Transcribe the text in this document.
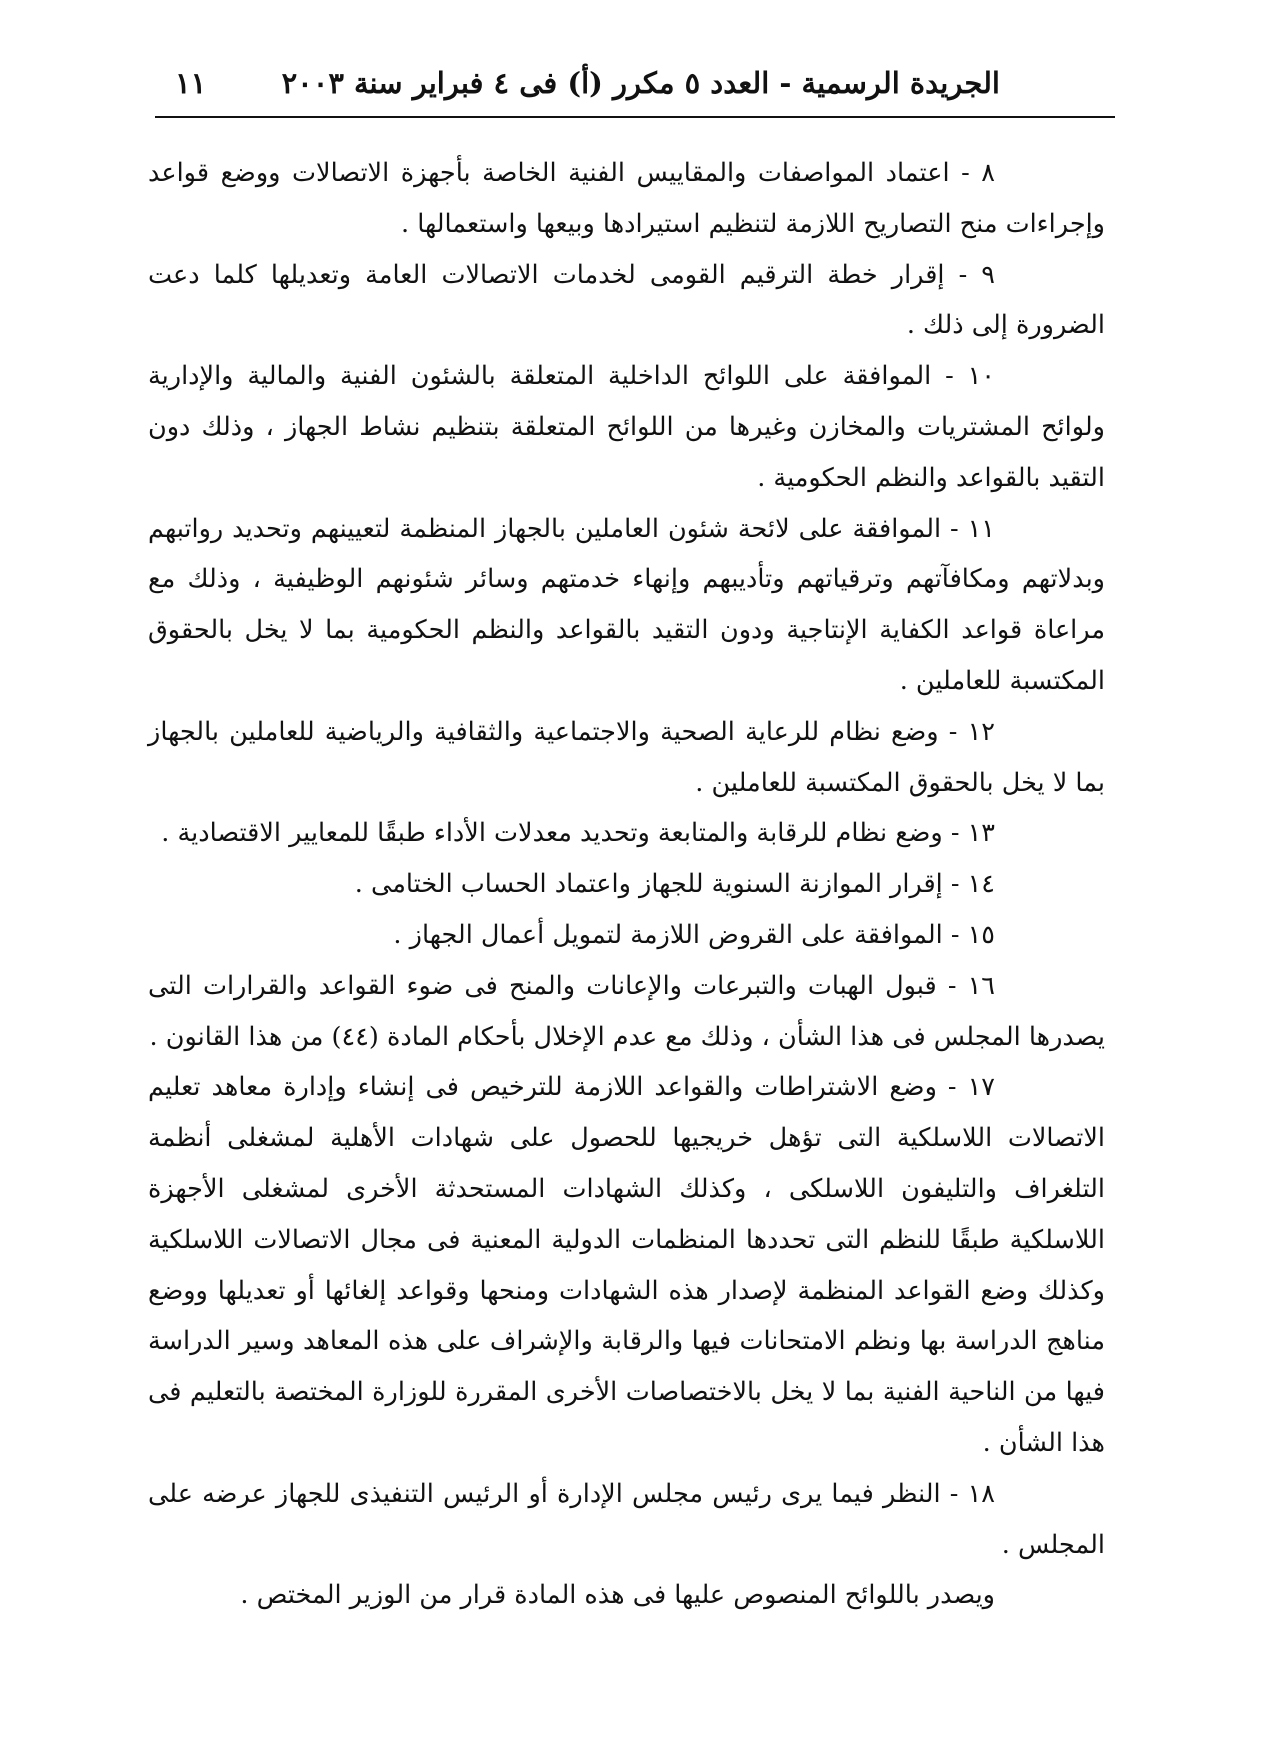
الجريدة الرسمية - العدد ٥ مكرر (أ) فى ٤ فبراير سنة ٢٠٠٣
١١

٨ - اعتماد المواصفات والمقاييس الفنية الخاصة بأجهزة الاتصالات ووضع قواعد وإجراءات منح التصاريح اللازمة لتنظيم استيرادها وبيعها واستعمالها .

٩ - إقرار خطة الترقيم القومى لخدمات الاتصالات العامة وتعديلها كلما دعت الضرورة إلى ذلك .

١٠ - الموافقة على اللوائح الداخلية المتعلقة بالشئون الفنية والمالية والإدارية ولوائح المشتريات والمخازن وغيرها من اللوائح المتعلقة بتنظيم نشاط الجهاز ، وذلك دون التقيد بالقواعد والنظم الحكومية .

١١ - الموافقة على لائحة شئون العاملين بالجهاز المنظمة لتعيينهم وتحديد رواتبهم وبدلاتهم ومكافآتهم وترقياتهم وتأديبهم وإنهاء خدمتهم وسائر شئونهم الوظيفية ، وذلك مع مراعاة قواعد الكفاية الإنتاجية ودون التقيد بالقواعد والنظم الحكومية بما لا يخل بالحقوق المكتسبة للعاملين .

١٢ - وضع نظام للرعاية الصحية والاجتماعية والثقافية والرياضية للعاملين بالجهاز بما لا يخل بالحقوق المكتسبة للعاملين .

١٣ - وضع نظام للرقابة والمتابعة وتحديد معدلات الأداء طبقًا للمعايير الاقتصادية .

١٤ - إقرار الموازنة السنوية للجهاز واعتماد الحساب الختامى .

١٥ - الموافقة على القروض اللازمة لتمويل أعمال الجهاز .

١٦ - قبول الهبات والتبرعات والإعانات والمنح فى ضوء القواعد والقرارات التى يصدرها المجلس فى هذا الشأن ، وذلك مع عدم الإخلال بأحكام المادة (٤٤) من هذا القانون .

١٧ - وضع الاشتراطات والقواعد اللازمة للترخيص فى إنشاء وإدارة معاهد تعليم الاتصالات اللاسلكية التى تؤهل خريجيها للحصول على شهادات الأهلية لمشغلى أنظمة التلغراف والتليفون اللاسلكى ، وكذلك الشهادات المستحدثة الأخرى لمشغلى الأجهزة اللاسلكية طبقًا للنظم التى تحددها المنظمات الدولية المعنية فى مجال الاتصالات اللاسلكية وكذلك وضع القواعد المنظمة لإصدار هذه الشهادات ومنحها وقواعد إلغائها أو تعديلها ووضع مناهج الدراسة بها ونظم الامتحانات فيها والرقابة والإشراف على هذه المعاهد وسير الدراسة فيها من الناحية الفنية بما لا يخل بالاختصاصات الأخرى المقررة للوزارة المختصة بالتعليم فى هذا الشأن .

١٨ - النظر فيما يرى رئيس مجلس الإدارة أو الرئيس التنفيذى للجهاز عرضه على المجلس .

ويصدر باللوائح المنصوص عليها فى هذه المادة قرار من الوزير المختص .
